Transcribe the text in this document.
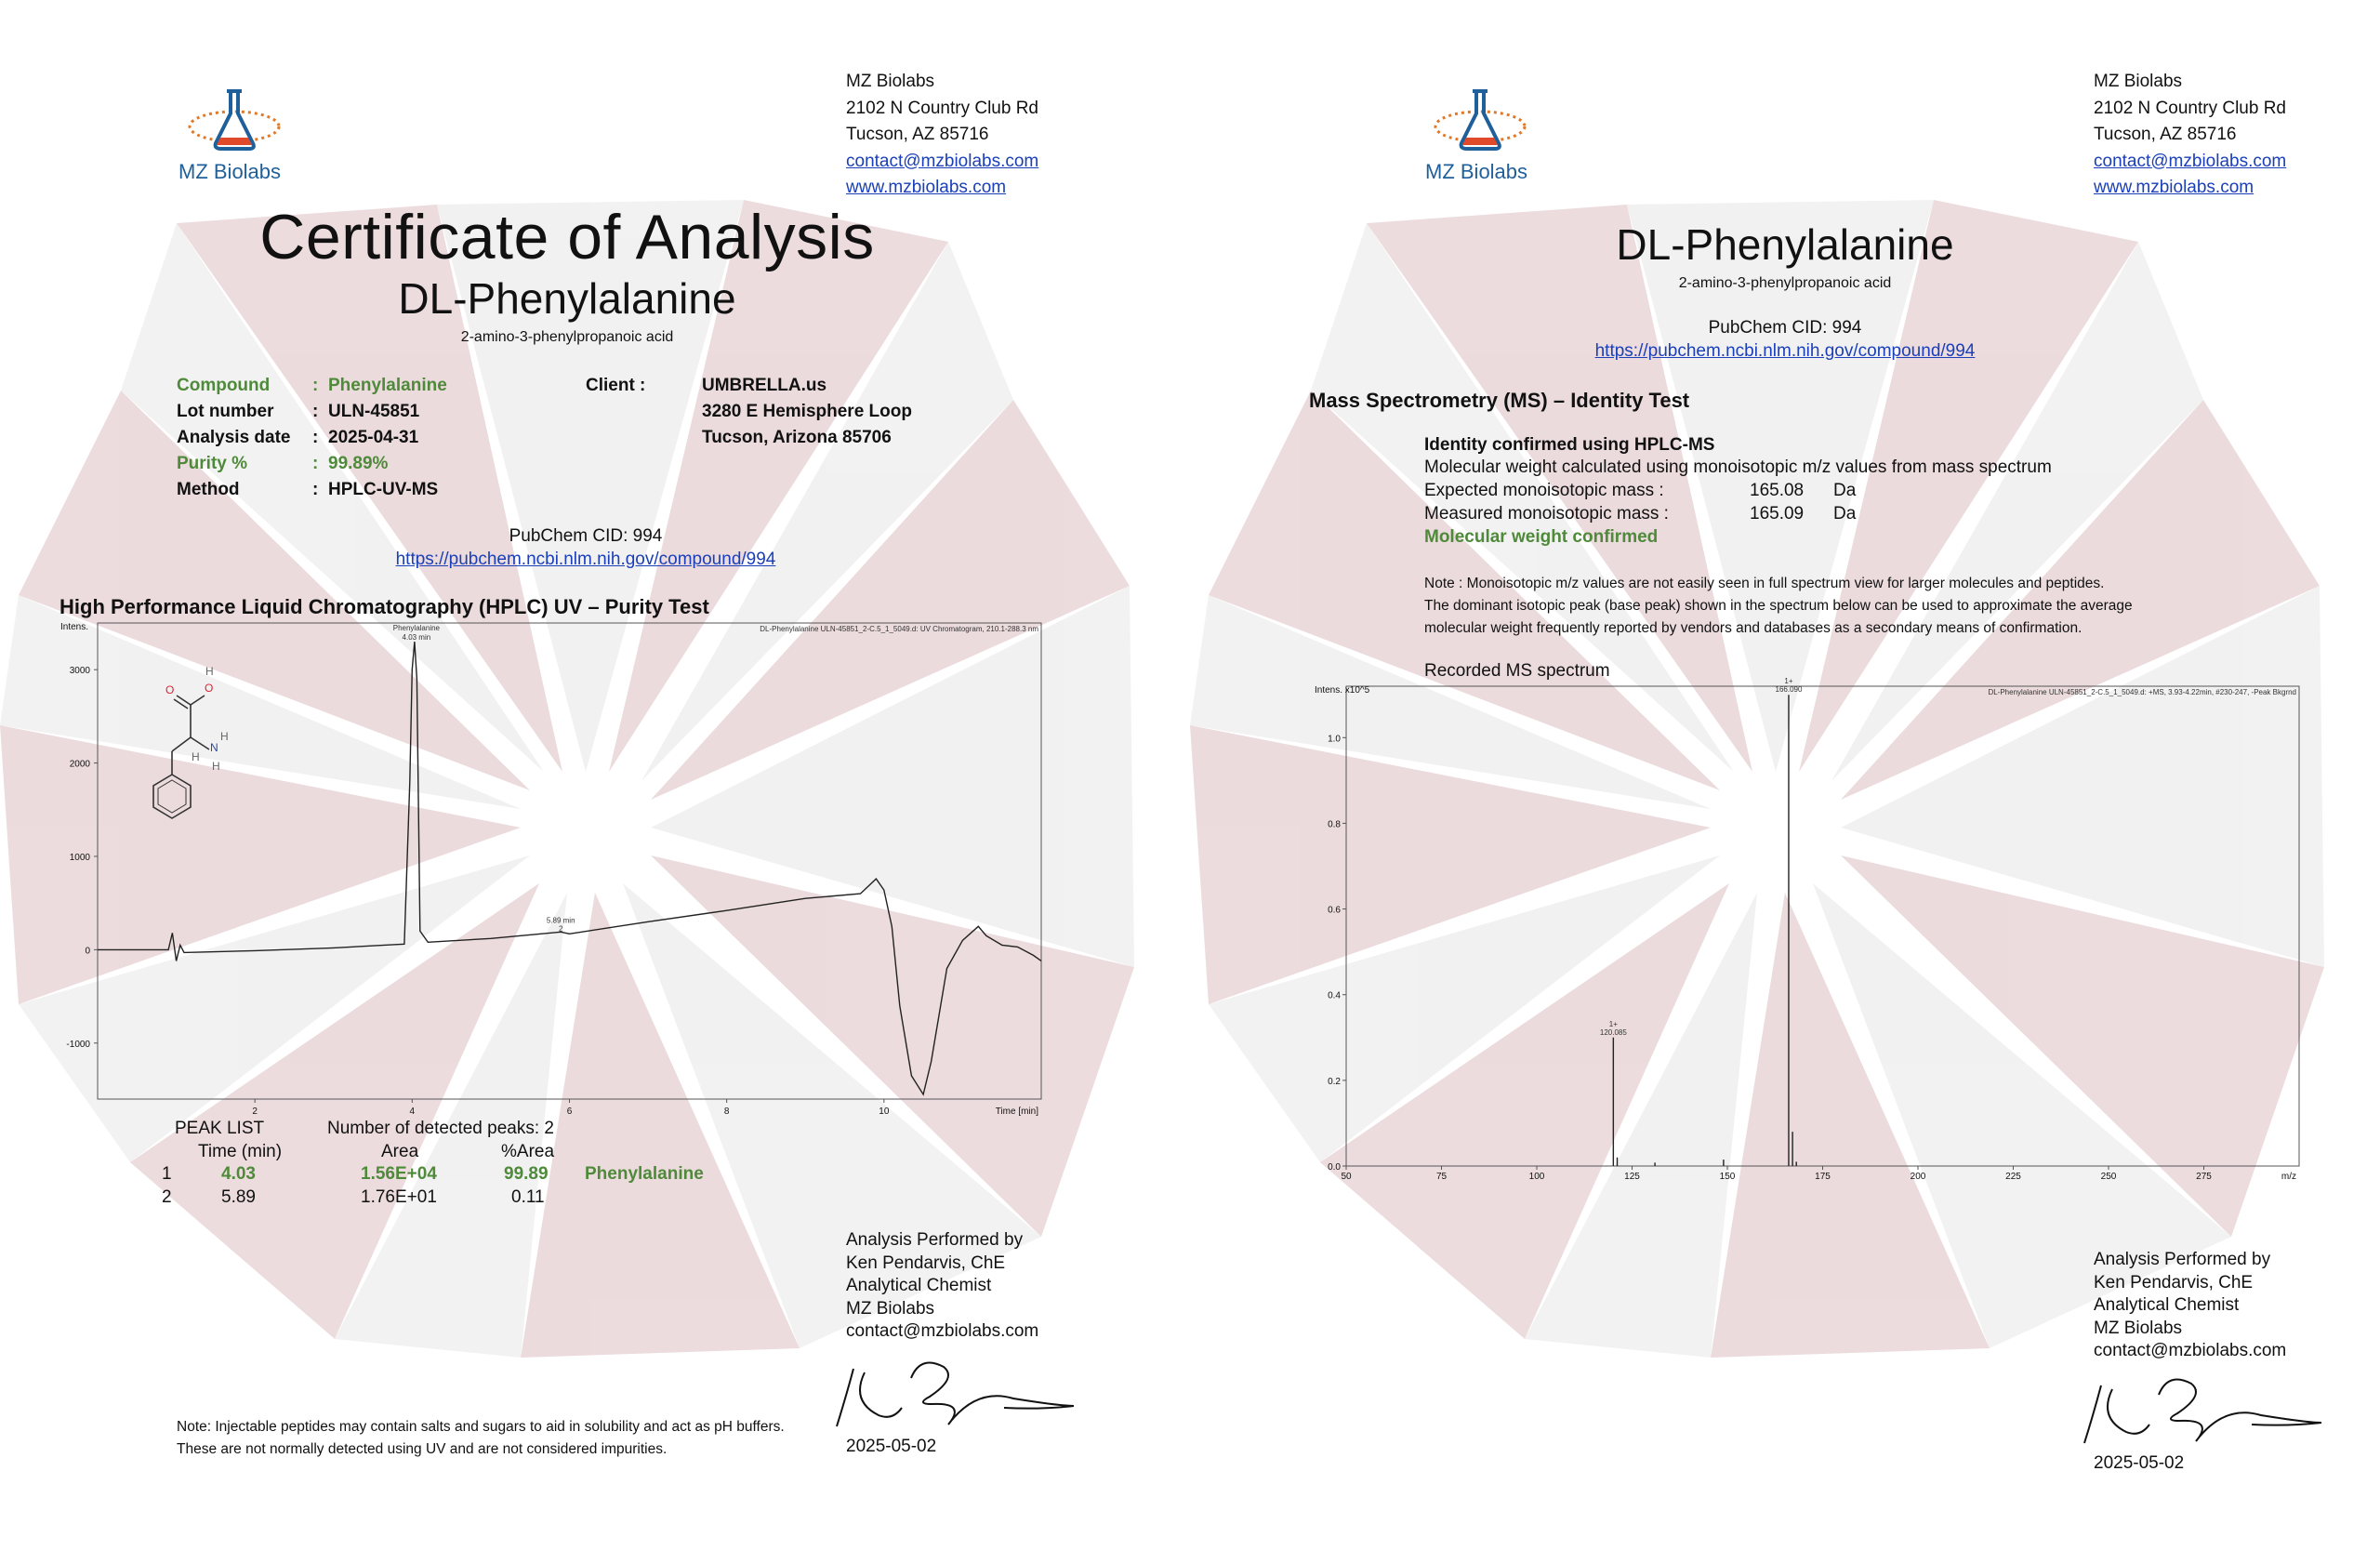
MZ Biolabs
MZ Biolabs
2102 N Country Club Rd
Tucson, AZ 85716
contact@mzbiolabs.com
www.mzbiolabs.com
Certificate of Analysis
DL-Phenylalanine
2-amino-3-phenylpropanoic acid
Compound : Phenylalanine
Lot number : ULN-45851
Analysis date : 2025-04-31
Purity %	: 99.89%
Method	: HPLC-UV-MS
Client :	UMBRELLA.us
3280 E Hemisphere Loop
Tucson, Arizona 85706
PubChem CID: 994
https://pubchem.ncbi.nlm.nih.gov/compound/994
High Performance Liquid Chromatography (HPLC) UV – Purity Test
Intens.
Time [min]
DL-Phenylalanine ULN-45851_2-C.5_1_5049.d: UV Chromatogram, 210.1-288.3 nm
-1000
0
1000
2000
3000
2	4	6	8	10
Phenylalanine
4.03 min
5.89 min
2
O	O
H
N
H
H
H
PEAK LIST	Number of detected peaks: 2
Time (min)	Area	%Area
1	4.03	1.56E+04	99.89 Phenylalanine
2	5.89	1.76E+01	0.11
Analysis Performed by
Ken Pendarvis, ChE
Analytical Chemist
MZ Biolabs
contact@mzbiolabs.com
2025-05-02
Note: Injectable peptides may contain salts and sugars to aid in solubility and act as pH buffers.
These are not normally detected using UV and are not considered impurities.
MZ Biolabs
MZ Biolabs
2102 N Country Club Rd
Tucson, AZ 85716
contact@mzbiolabs.com
www.mzbiolabs.com
DL-Phenylalanine
2-amino-3-phenylpropanoic acid
PubChem CID: 994
https://pubchem.ncbi.nlm.nih.gov/compound/994
Mass Spectrometry (MS) – Identity Test
Identity confirmed using HPLC-MS
Molecular weight calculated using monoisotopic m/z values from mass spectrum
Expected monoisotopic mass :	165.08 Da
Measured monoisotopic mass :	165.09 Da
Molecular weight confirmed
Note : Monoisotopic m/z values are not easily seen in full spectrum view for larger molecules and peptides.
The dominant isotopic peak (base peak) shown in the spectrum below can be used to approximate the average
molecular weight frequently reported by vendors and databases as a secondary means of confirmation.
Recorded MS spectrum
Intens. x10^5
m/z
DL-Phenylalanine ULN-45851_2-C.5_1_5049.d: +MS, 3.93-4.22min, #230-247, -Peak Bkgrnd
0.0
0.2
0.4
0.6
0.8
1.0
50	75	100	125	150	175	200	225	250	275
1+
120.085
1+
166.090
Analysis Performed by
Ken Pendarvis, ChE
Analytical Chemist
MZ Biolabs
contact@mzbiolabs.com
2025-05-02
